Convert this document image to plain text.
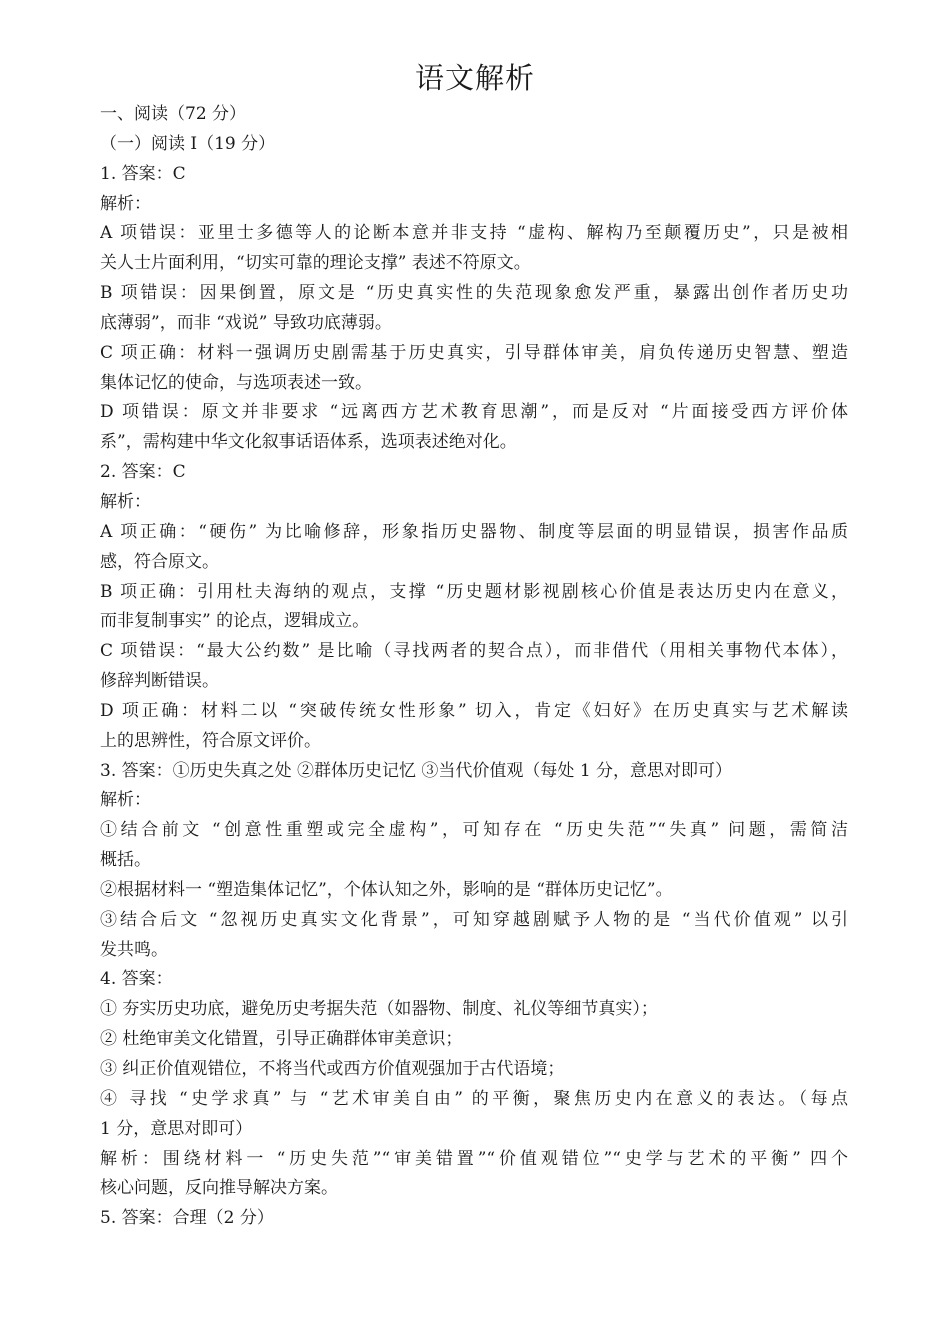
语文解析
一、阅读（72 分）
（一）阅读 Ⅰ（19 分）
1. 答案：C
解析：
A 项错误：亚里士多德等人的论断本意并非支持 “虚构、解构乃至颠覆历史”，只是被相
关人士片面利用，“切实可靠的理论支撑” 表述不符原文。
B 项错误：因果倒置，原文是 “历史真实性的失范现象愈发严重，暴露出创作者历史功
底薄弱”，而非 “戏说” 导致功底薄弱。
C 项正确：材料一强调历史剧需基于历史真实，引导群体审美，肩负传递历史智慧、塑造
集体记忆的使命，与选项表述一致。
D 项错误：原文并非要求 “远离西方艺术教育思潮”，而是反对 “片面接受西方评价体
系”，需构建中华文化叙事话语体系，选项表述绝对化。
2. 答案：C
解析：
A 项正确：“硬伤” 为比喻修辞，形象指历史器物、制度等层面的明显错误，损害作品质
感，符合原文。
B 项正确：引用杜夫海纳的观点，支撑 “历史题材影视剧核心价值是表达历史内在意义，
而非复制事实” 的论点，逻辑成立。
C 项错误：“最大公约数” 是比喻（寻找两者的契合点），而非借代（用相关事物代本体），
修辞判断错误。
D 项正确：材料二以 “突破传统女性形象” 切入，肯定《妇好》在历史真实与艺术解读
上的思辨性，符合原文评价。
3. 答案：①历史失真之处 ②群体历史记忆 ③当代价值观（每处 1 分，意思对即可）
解析：
①结合前文 “创意性重塑或完全虚构”，可知存在 “历史失范”“失真” 问题，需简洁
概括。
②根据材料一 “塑造集体记忆”，个体认知之外，影响的是 “群体历史记忆”。
③结合后文 “忽视历史真实文化背景”，可知穿越剧赋予人物的是 “当代价值观” 以引
发共鸣。
4. 答案：
① 夯实历史功底，避免历史考据失范（如器物、制度、礼仪等细节真实）；
② 杜绝审美文化错置，引导正确群体审美意识；
③ 纠正价值观错位，不将当代或西方价值观强加于古代语境；
④ 寻找 “史学求真” 与 “艺术审美自由” 的平衡，聚焦历史内在意义的表达。（每点
1 分，意思对即可）
解析：围绕材料一 “历史失范”“审美错置”“价值观错位”“史学与艺术的平衡” 四个
核心问题，反向推导解决方案。
5. 答案：合理（2 分）
